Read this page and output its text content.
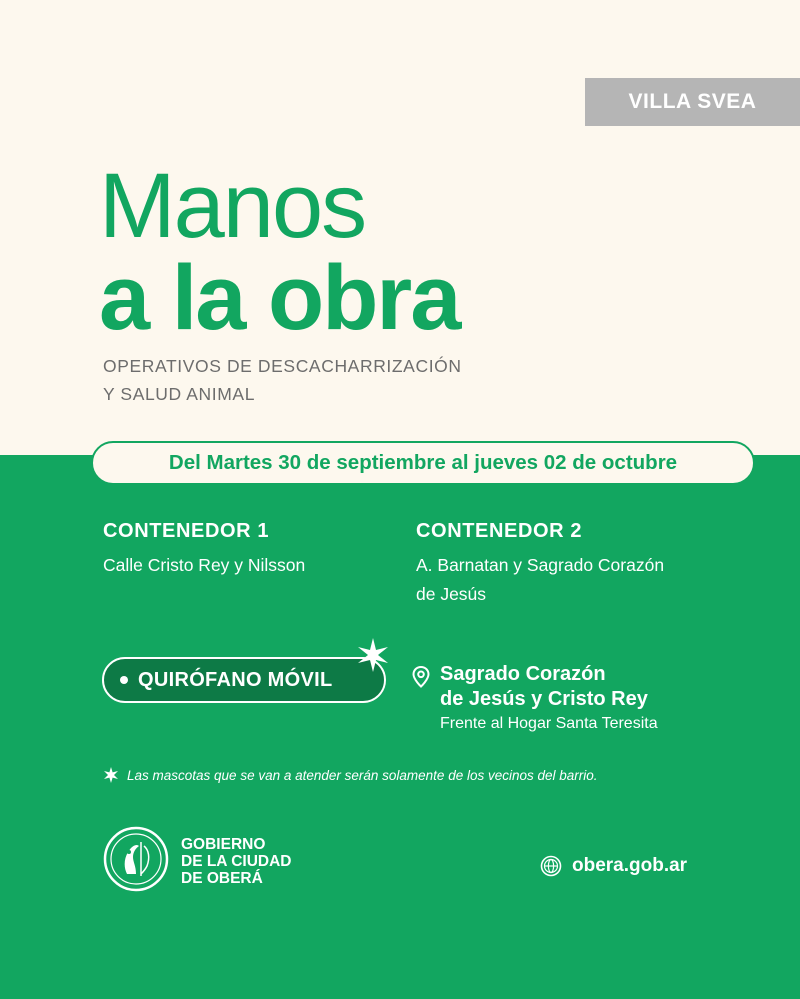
VILLA SVEA
Manos
a la obra
OPERATIVOS DE DESCACHARRIZACIÓN
Y SALUD ANIMAL
Del Martes 30 de septiembre al jueves 02 de octubre
CONTENEDOR 1
Calle Cristo Rey y Nilsson
CONTENEDOR 2
A. Barnatan y Sagrado Corazón
de Jesús
QUIRÓFANO MÓVIL	Sagrado Corazón
de Jesús y Cristo Rey
Frente al Hogar Santa Teresita
Las mascotas que se van a atender serán solamente de los vecinos del barrio.
GOBIERNO
DE LA CIUDAD
DE OBERÁ
obera.gob.ar
